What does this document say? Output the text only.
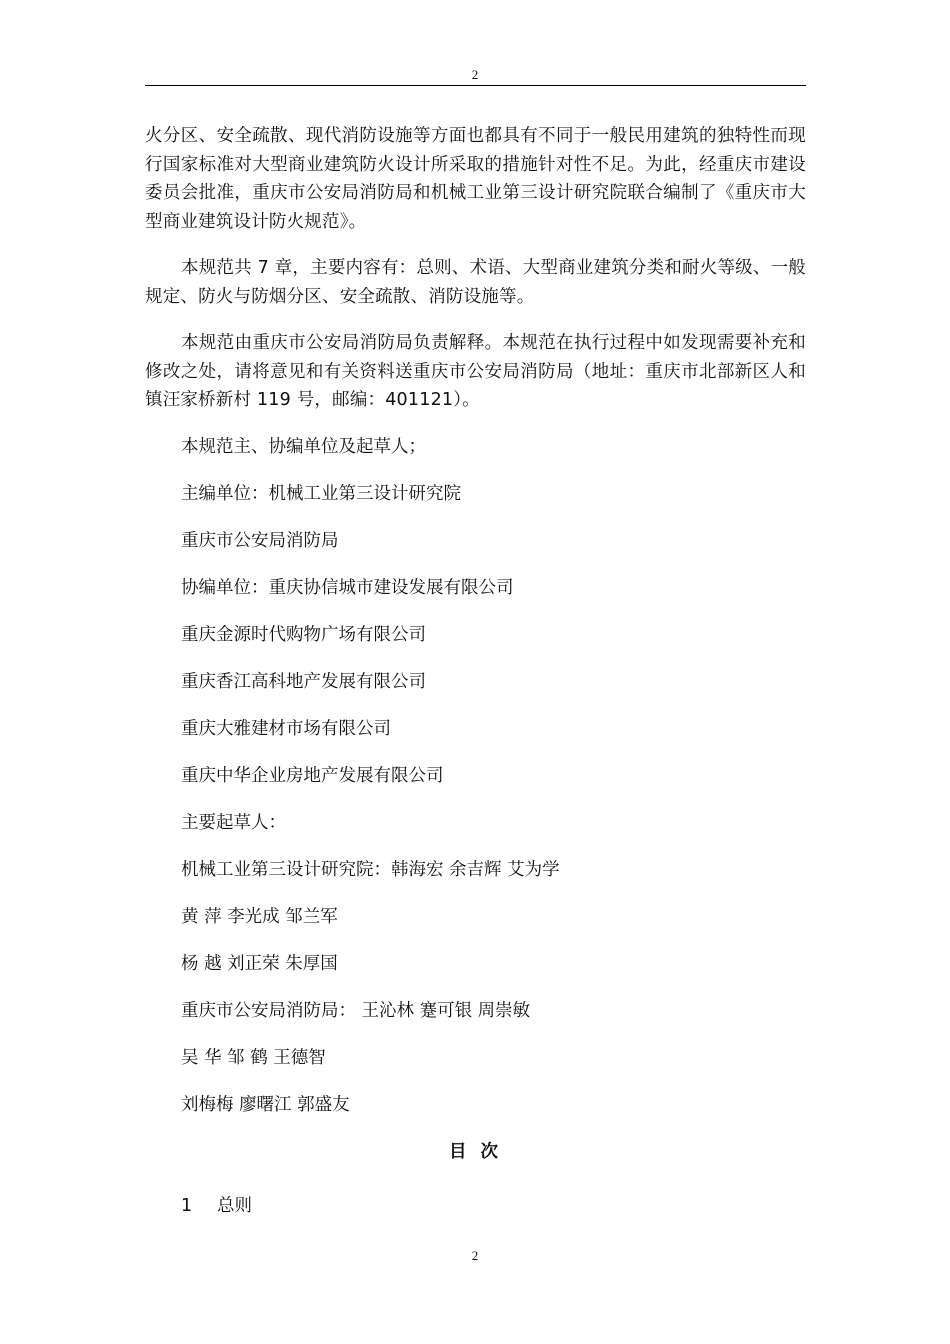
2

火分区、安全疏散、现代消防设施等方面也都具有不同于一般民用建筑的独特性而现行国家标准对大型商业建筑防火设计所采取的措施针对性不足。为此，经重庆市建设委员会批准，重庆市公安局消防局和机械工业第三设计研究院联合编制了《重庆市大型商业建筑设计防火规范》。

本规范共 7 章，主要内容有：总则、术语、大型商业建筑分类和耐火等级、一般规定、防火与防烟分区、安全疏散、消防设施等。

本规范由重庆市公安局消防局负责解释。本规范在执行过程中如发现需要补充和修改之处，请将意见和有关资料送重庆市公安局消防局（地址：重庆市北部新区人和镇汪家桥新村 119 号，邮编：401121）。

本规范主、协编单位及起草人；

主编单位：机械工业第三设计研究院

重庆市公安局消防局

协编单位：重庆协信城市建设发展有限公司

重庆金源时代购物广场有限公司

重庆香江高科地产发展有限公司

重庆大雅建材市场有限公司

重庆中华企业房地产发展有限公司

主要起草人：

机械工业第三设计研究院：韩海宏 余吉辉 艾为学

黄 萍 李光成 邹兰军

杨 越 刘正荣 朱厚国

重庆市公安局消防局： 王沁林 蹇可银 周崇敏

吴 华 邹 鹤 王德智

刘梅梅 廖曙江 郭盛友

目 次

1 总则

2
